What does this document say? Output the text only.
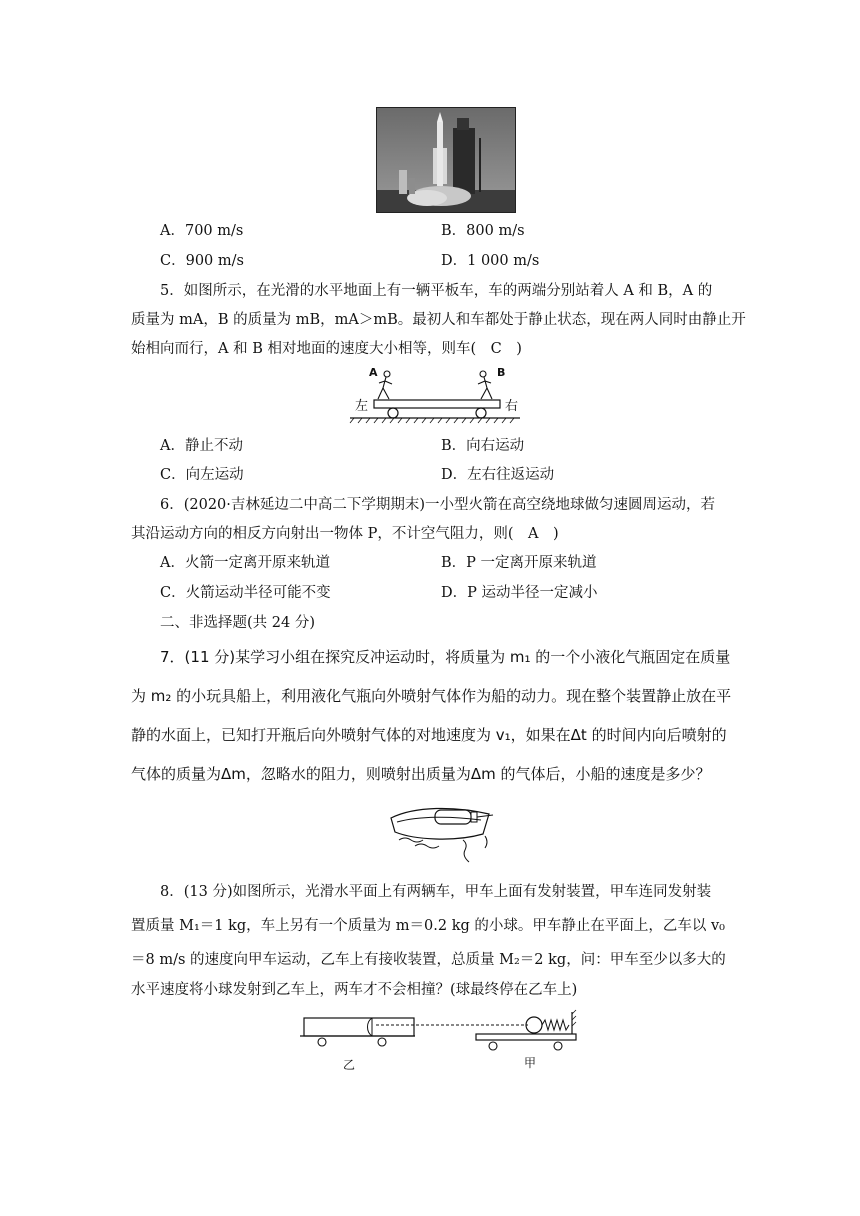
A．700 m/s	B．800 m/s
C．900 m/s	D．1 000 m/s
5．如图所示，在光滑的水平地面上有一辆平板车，车的两端分别站着人 A 和 B，A 的
质量为 mA，B 的质量为 mB，mA＞mB。最初人和车都处于静止状态，现在两人同时由静止开
始相向而行，A 和 B 相对地面的速度大小相等，则车(　C　)
A	B
左	右
A．静止不动	B．向右运动
C．向左运动	D．左右往返运动
6．(2020·吉林延边二中高二下学期期末)一小型火箭在高空绕地球做匀速圆周运动，若
其沿运动方向的相反方向射出一物体 P，不计空气阻力，则(　A　)
A．火箭一定离开原来轨道	B．P 一定离开原来轨道
C．火箭运动半径可能不变	D．P 运动半径一定减小
二、非选择题(共 24 分)
7．(11 分)某学习小组在探究反冲运动时，将质量为 m₁ 的一个小液化气瓶固定在质量
为 m₂ 的小玩具船上，利用液化气瓶向外喷射气体作为船的动力。现在整个装置静止放在平
静的水面上，已知打开瓶后向外喷射气体的对地速度为 v₁，如果在Δt 的时间内向后喷射的
气体的质量为Δm，忽略水的阻力，则喷射出质量为Δm 的气体后，小船的速度是多少？
8．(13 分)如图所示，光滑水平面上有两辆车，甲车上面有发射装置，甲车连同发射装
置质量 M₁＝1 kg，车上另有一个质量为 m＝0.2 kg 的小球。甲车静止在平面上，乙车以 v₀
＝8 m/s 的速度向甲车运动，乙车上有接收装置，总质量 M₂＝2 kg，问：甲车至少以多大的
水平速度将小球发射到乙车上，两车才不会相撞？(球最终停在乙车上)
乙	甲
